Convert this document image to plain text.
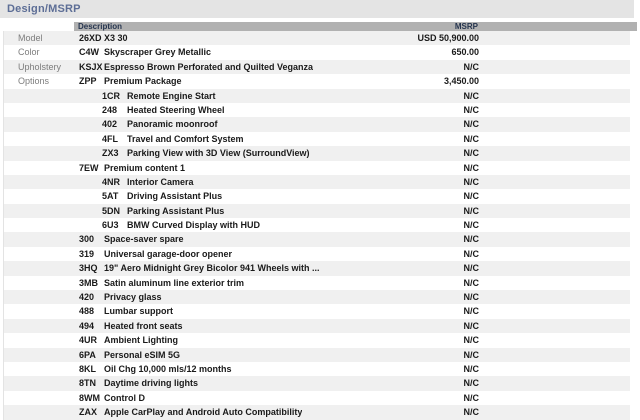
Design/MSRP
Description	MSRP
Model	26XD X3 30	USD 50,900.00
Color	C4W Skyscraper Grey Metallic	650.00
Upholstery	KSJX Espresso Brown Perforated and Quilted Veganza	N/C
Options	ZPP Premium Package	3,450.00
1CR Remote Engine Start	N/C
248	Heated Steering Wheel	N/C
402	Panoramic moonroof	N/C
4FL Travel and Comfort System	N/C
ZX3 Parking View with 3D View (SurroundView)	N/C
7EW Premium content 1	N/C
4NR Interior Camera	N/C
5AT Driving Assistant Plus	N/C
5DN Parking Assistant Plus	N/C
6U3 BMW Curved Display with HUD	N/C
300	Space-saver spare	N/C
319	Universal garage-door opener	N/C
3HQ 19" Aero Midnight Grey Bicolor 941 Wheels with ...	N/C
3MB Satin aluminum line exterior trim	N/C
420	Privacy glass	N/C
488	Lumbar support	N/C
494	Heated front seats	N/C
4UR Ambient Lighting	N/C
6PA Personal eSIM 5G	N/C
8KL Oil Chg 10,000 mls/12 months	N/C
8TN Daytime driving lights	N/C
8WM Control D	N/C
ZAX Apple CarPlay and Android Auto Compatibility	N/C
